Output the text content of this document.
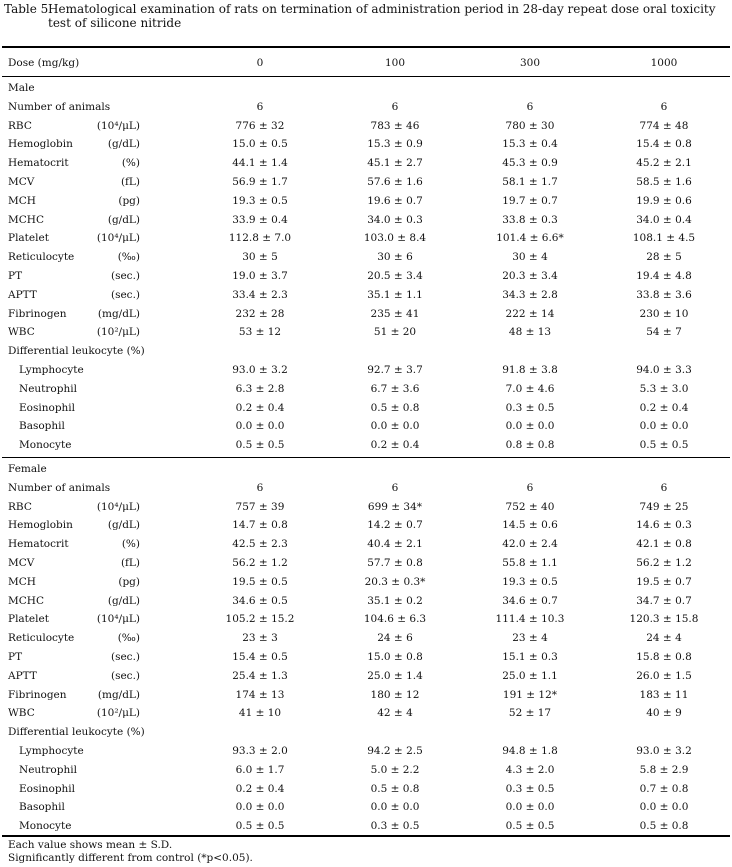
Table 5 Hematological examination of rats on termination of administration period in 28-day repeat dose oral toxicity test of silicone nitride
Dose (mg/kg)	0	100	300	1000
Male
Number of animals	6	6	6	6
RBC	(10⁴/μL)	776 ± 32	783 ± 46	780 ± 30	774 ± 48
Hemoglobin	(g/dL)	15.0 ± 0.5	15.3 ± 0.9	15.3 ± 0.4	15.4 ± 0.8
Hematocrit	(%)	44.1 ± 1.4	45.1 ± 2.7	45.3 ± 0.9	45.2 ± 2.1
MCV	(fL)	56.9 ± 1.7	57.6 ± 1.6	58.1 ± 1.7	58.5 ± 1.6
MCH	(pg)	19.3 ± 0.5	19.6 ± 0.7	19.7 ± 0.7	19.9 ± 0.6
MCHC	(g/dL)	33.9 ± 0.4	34.0 ± 0.3	33.8 ± 0.3	34.0 ± 0.4
Platelet	(10⁴/μL)	112.8 ± 7.0	103.0 ± 8.4	101.4 ± 6.6*	108.1 ± 4.5
Reticulocyte	(‰)	30 ± 5	30 ± 6	30 ± 4	28 ± 5
PT	(sec.)	19.0 ± 3.7	20.5 ± 3.4	20.3 ± 3.4	19.4 ± 4.8
APTT	(sec.)	33.4 ± 2.3	35.1 ± 1.1	34.3 ± 2.8	33.8 ± 3.6
Fibrinogen	(mg/dL)	232 ± 28	235 ± 41	222 ± 14	230 ± 10
WBC	(10²/μL)	53 ± 12	51 ± 20	48 ± 13	54 ± 7
Differential leukocyte (%)
Lymphocyte	93.0 ± 3.2	92.7 ± 3.7	91.8 ± 3.8	94.0 ± 3.3
Neutrophil	6.3 ± 2.8	6.7 ± 3.6	7.0 ± 4.6	5.3 ± 3.0
Eosinophil	0.2 ± 0.4	0.5 ± 0.8	0.3 ± 0.5	0.2 ± 0.4
Basophil	0.0 ± 0.0	0.0 ± 0.0	0.0 ± 0.0	0.0 ± 0.0
Monocyte	0.5 ± 0.5	0.2 ± 0.4	0.8 ± 0.8	0.5 ± 0.5
Female
Number of animals	6	6	6	6
RBC	(10⁴/μL)	757 ± 39	699 ± 34*	752 ± 40	749 ± 25
Hemoglobin	(g/dL)	14.7 ± 0.8	14.2 ± 0.7	14.5 ± 0.6	14.6 ± 0.3
Hematocrit	(%)	42.5 ± 2.3	40.4 ± 2.1	42.0 ± 2.4	42.1 ± 0.8
MCV	(fL)	56.2 ± 1.2	57.7 ± 0.8	55.8 ± 1.1	56.2 ± 1.2
MCH	(pg)	19.5 ± 0.5	20.3 ± 0.3*	19.3 ± 0.5	19.5 ± 0.7
MCHC	(g/dL)	34.6 ± 0.5	35.1 ± 0.2	34.6 ± 0.7	34.7 ± 0.7
Platelet	(10⁴/μL)	105.2 ± 15.2	104.6 ± 6.3	111.4 ± 10.3	120.3 ± 15.8
Reticulocyte	(‰)	23 ± 3	24 ± 6	23 ± 4	24 ± 4
PT	(sec.)	15.4 ± 0.5	15.0 ± 0.8	15.1 ± 0.3	15.8 ± 0.8
APTT	(sec.)	25.4 ± 1.3	25.0 ± 1.4	25.0 ± 1.1	26.0 ± 1.5
Fibrinogen	(mg/dL)	174 ± 13	180 ± 12	191 ± 12*	183 ± 11
WBC	(10²/μL)	41 ± 10	42 ± 4	52 ± 17	40 ± 9
Differential leukocyte (%)
Lymphocyte	93.3 ± 2.0	94.2 ± 2.5	94.8 ± 1.8	93.0 ± 3.2
Neutrophil	6.0 ± 1.7	5.0 ± 2.2	4.3 ± 2.0	5.8 ± 2.9
Eosinophil	0.2 ± 0.4	0.5 ± 0.8	0.3 ± 0.5	0.7 ± 0.8
Basophil	0.0 ± 0.0	0.0 ± 0.0	0.0 ± 0.0	0.0 ± 0.0
Monocyte	0.5 ± 0.5	0.3 ± 0.5	0.5 ± 0.5	0.5 ± 0.8
Each value shows mean ± S.D.
Significantly different from control (*p<0.05).
